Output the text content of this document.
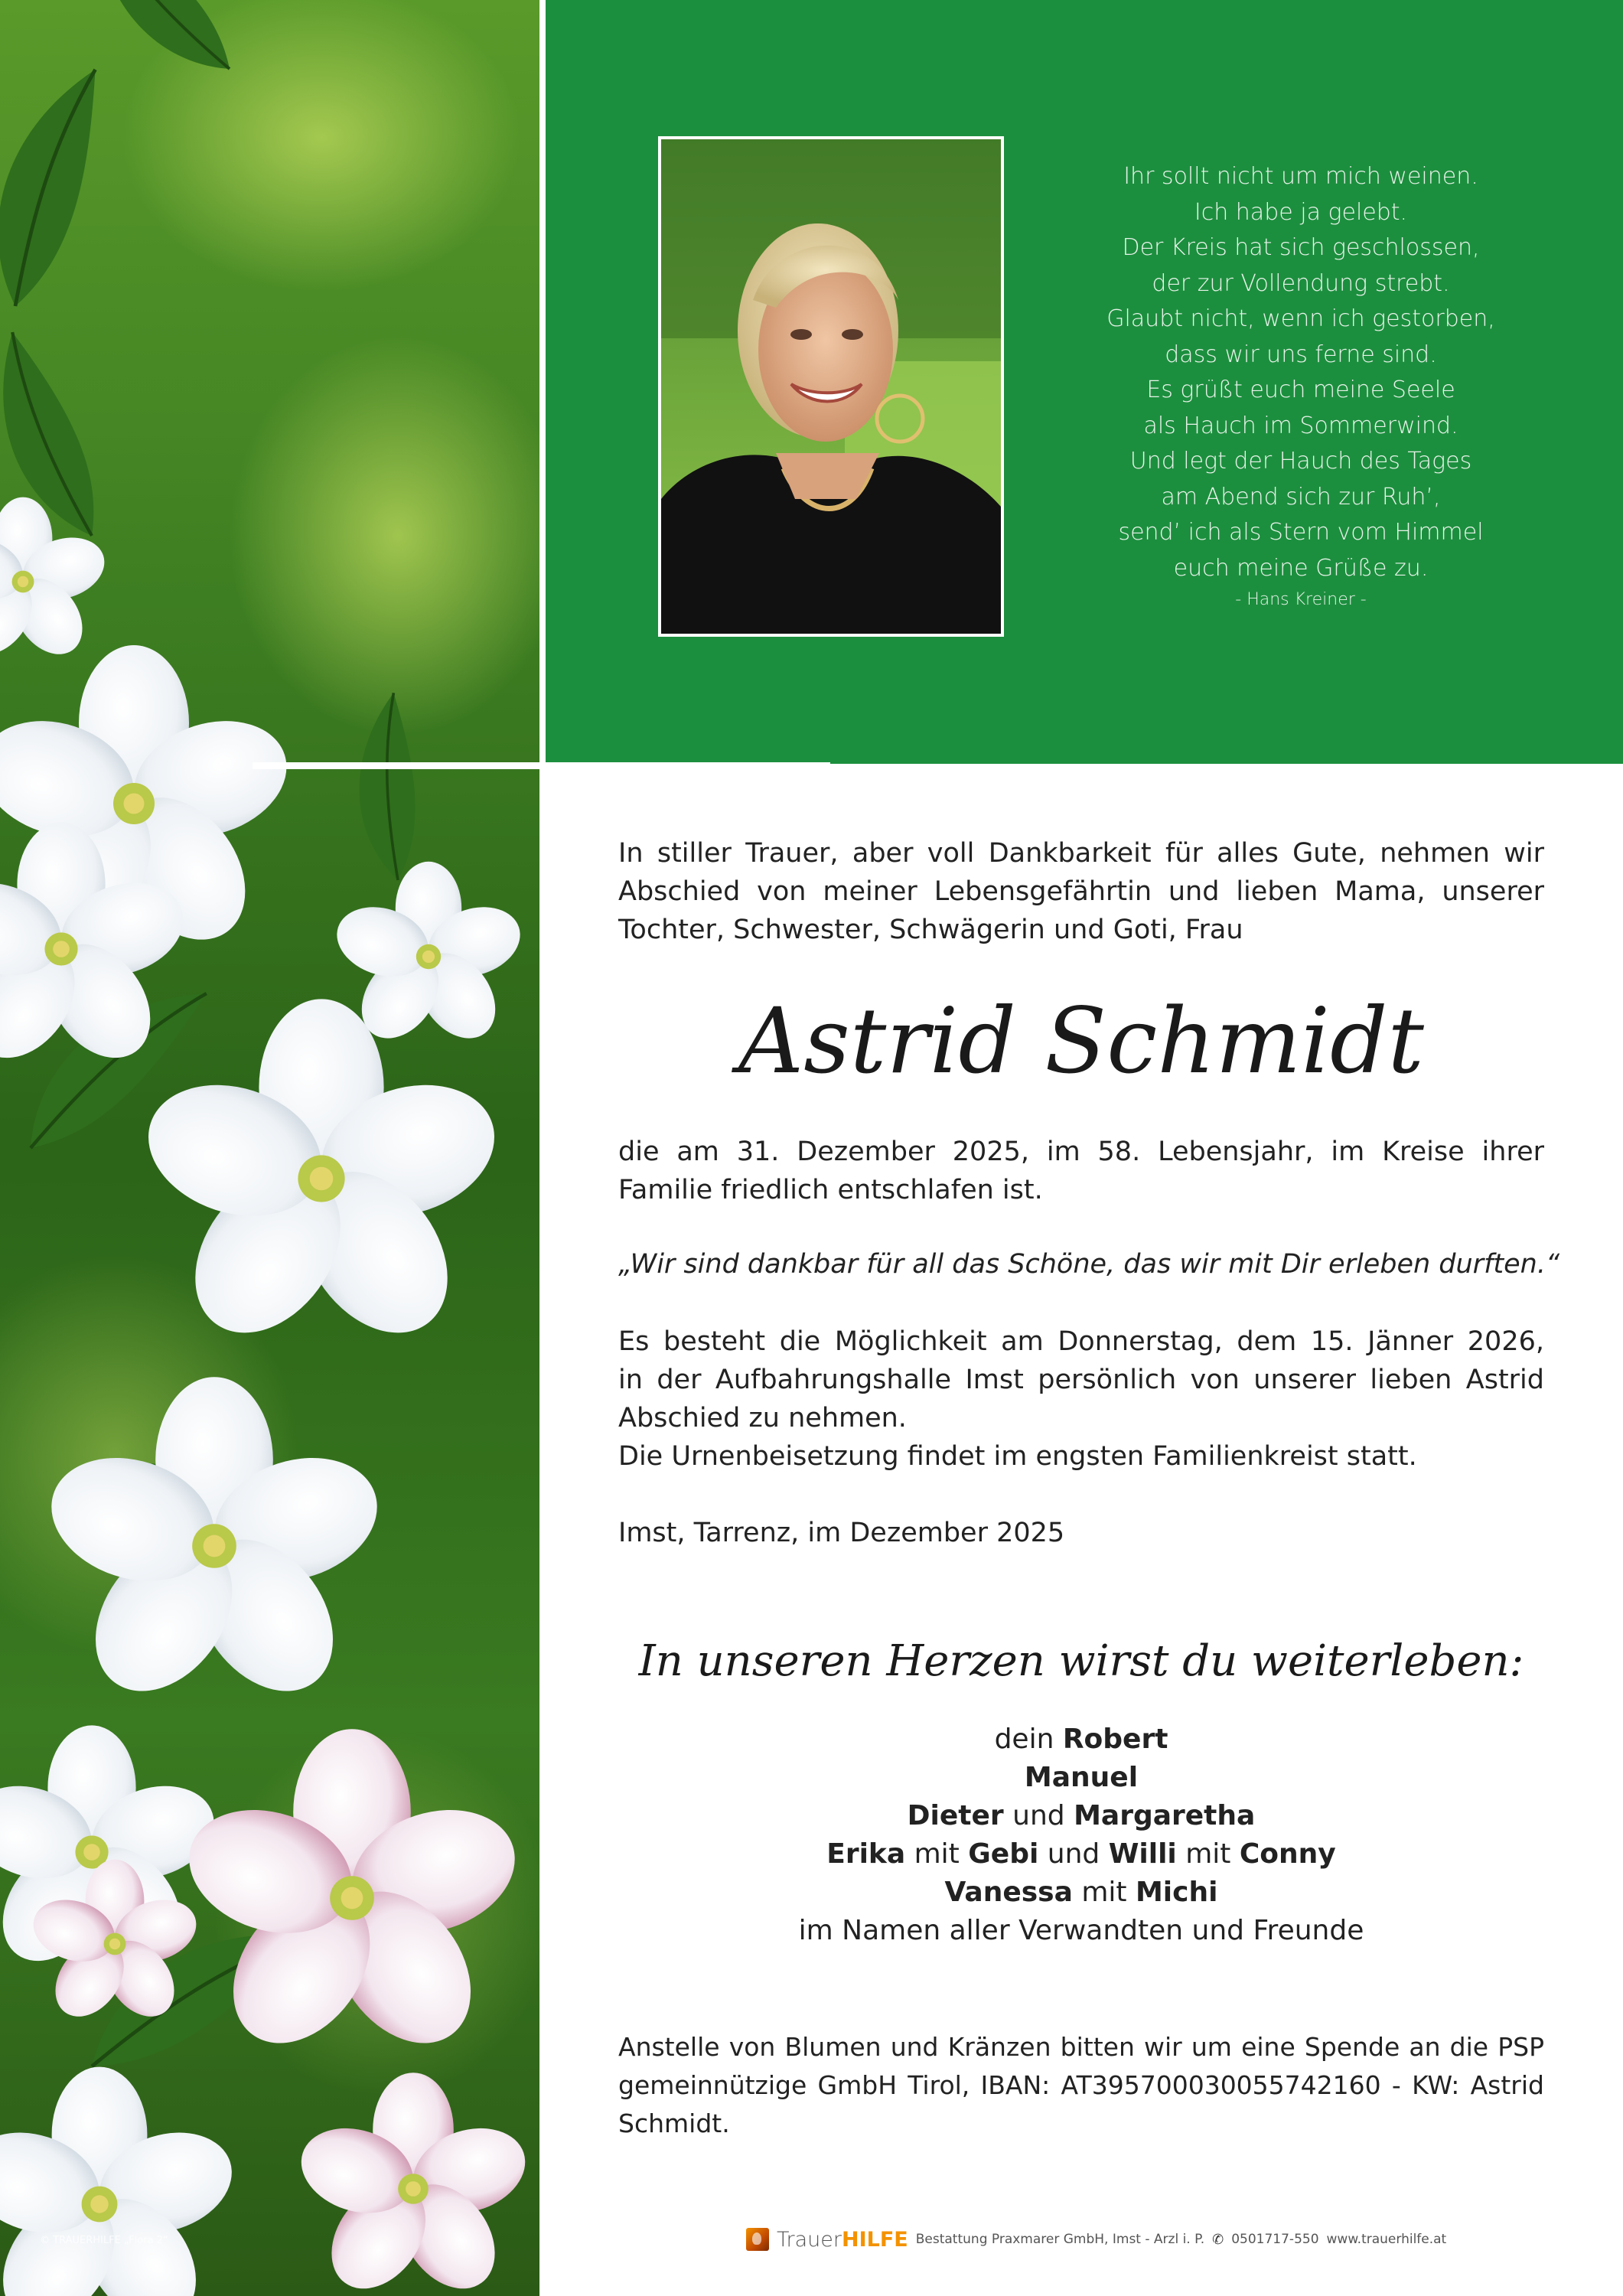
© TRAUERHILFE „Flora 2“
Ihr sollt nicht um mich weinen.
Ich habe ja gelebt.
Der Kreis hat sich geschlossen,
der zur Vollendung strebt.
Glaubt nicht, wenn ich gestorben,
dass wir uns ferne sind.
Es grüßt euch meine Seele
als Hauch im Sommerwind.
Und legt der Hauch des Tages
am Abend sich zur Ruh’,
send’ ich als Stern vom Himmel
euch meine Grüße zu.
- Hans Kreiner -
In stiller Trauer, aber voll Dankbarkeit für alles Gute, nehmen wir Abschied von meiner Lebensgefährtin und lieben Mama, unserer Tochter, Schwester, Schwägerin und Goti, Frau
Astrid Schmidt
die am 31. Dezember 2025, im 58. Lebensjahr, im Kreise ihrer Familie friedlich entschlafen ist.
„Wir sind dankbar für all das Schöne, das wir mit Dir erleben durften.“
Es besteht die Möglichkeit am Donnerstag, dem 15. Jänner 2026,
in der Aufbahrungshalle Imst persönlich von unserer lieben Astrid
Abschied zu nehmen.
Die Urnenbeisetzung findet im engsten Familienkreist statt.
Imst, Tarrenz, im Dezember 2025
In unseren Herzen wirst du weiterleben:
dein Robert
Manuel
Dieter und Margaretha
Erika mit Gebi und Willi mit Conny
Vanessa mit Michi
im Namen aller Verwandten und Freunde
Anstelle von Blumen und Kränzen bitten wir um eine Spende an die PSP gemeinnützige GmbH Tirol, IBAN: AT395700030055742160 - KW: Astrid Schmidt.
TrauerHILFE Bestattung Praxmarer GmbH, Imst - Arzl i. P. ✆ 0501717-550 www.trauerhilfe.at
